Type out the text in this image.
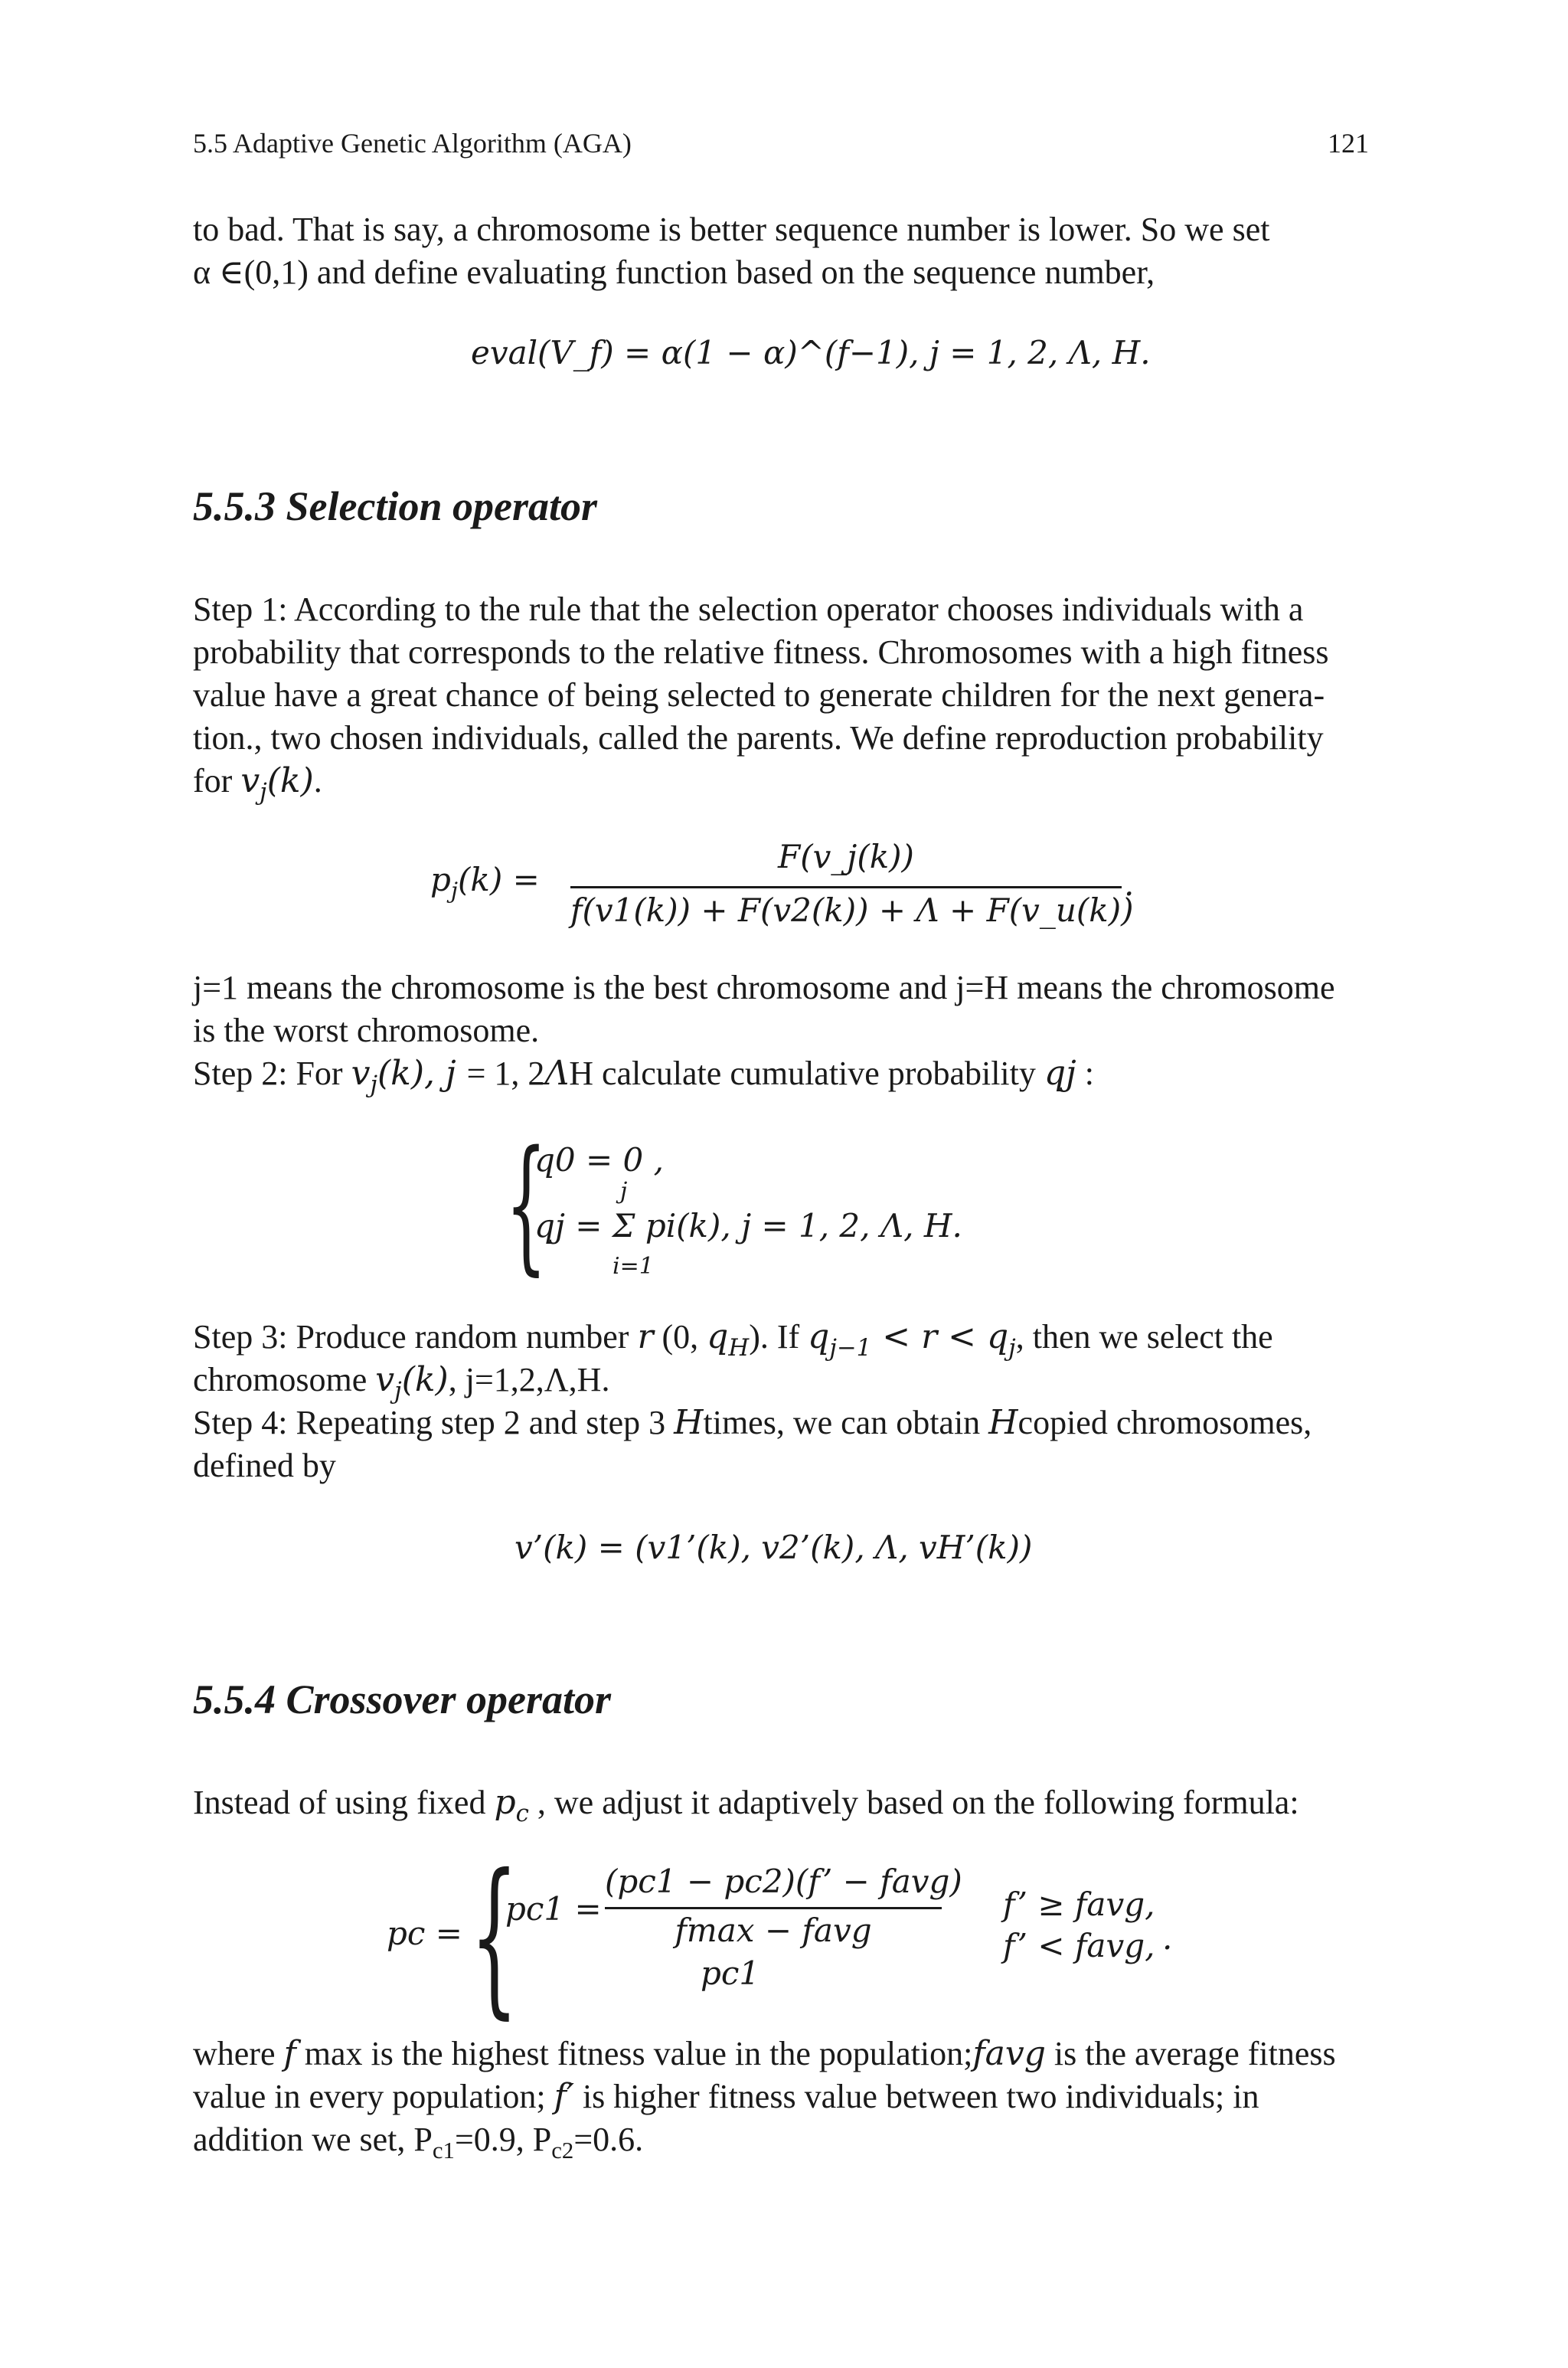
5.5 Adaptive Genetic Algorithm (AGA)	121
to bad. That is say, a chromosome is better sequence number is lower. So we set
α ∈(0,1) and define evaluating function based on the sequence number,
eval(V_f) = α(1 − α)^(f−1), j = 1, 2, Λ, H.
5.5.3 Selection operator
Step 1: According to the rule that the selection operator chooses individuals with a
probability that corresponds to the relative fitness. Chromosomes with a high fitness
value have a great chance of being selected to generate children for the next genera-
tion., two chosen individuals, called the parents. We define reproduction probability
for $v_j(k)$.
$p_j(k)$ =
F(v_j(k))
f(v1(k)) + F(v2(k)) + Λ + F(v_u(k))
.
j=1 means the chromosome is the best chromosome and j=H means the chromosome
is the worst chromosome.
Step 2: For $v_j(k)$, j = 1, 2ΛH calculate cumulative probability qj :
{
q0 = 0 ,
qj = Σ pi(k), j = 1, 2, Λ, H.
j
i=1
Step 3: Produce random number r (0, $q_H$). If $q_{j-1} < r < q_j$, then we select the
chromosome $v_j(k)$, j=1,2,Λ,H.
Step 4: Repeating step 2 and step 3 Htimes, we can obtain Hcopied chromosomes,
defined by
v’(k) = (v1’(k), v2’(k), Λ, vH’(k))
5.5.4 Crossover operator
Instead of using fixed $p_c$ , we adjust it adaptively based on the following formula:
pc = {
pc1 =
(pc1 − pc2)(f’ − favg)
fmax − favg
pc1
f’ ≥ favg,
f’ < favg, .
where f max is the highest fitness value in the population;favg is the average fitness
value in every population; f′ is higher fitness value between two individuals; in
addition we set, $P_{c1}=0.9$, $P_{c2}=0.6$.
